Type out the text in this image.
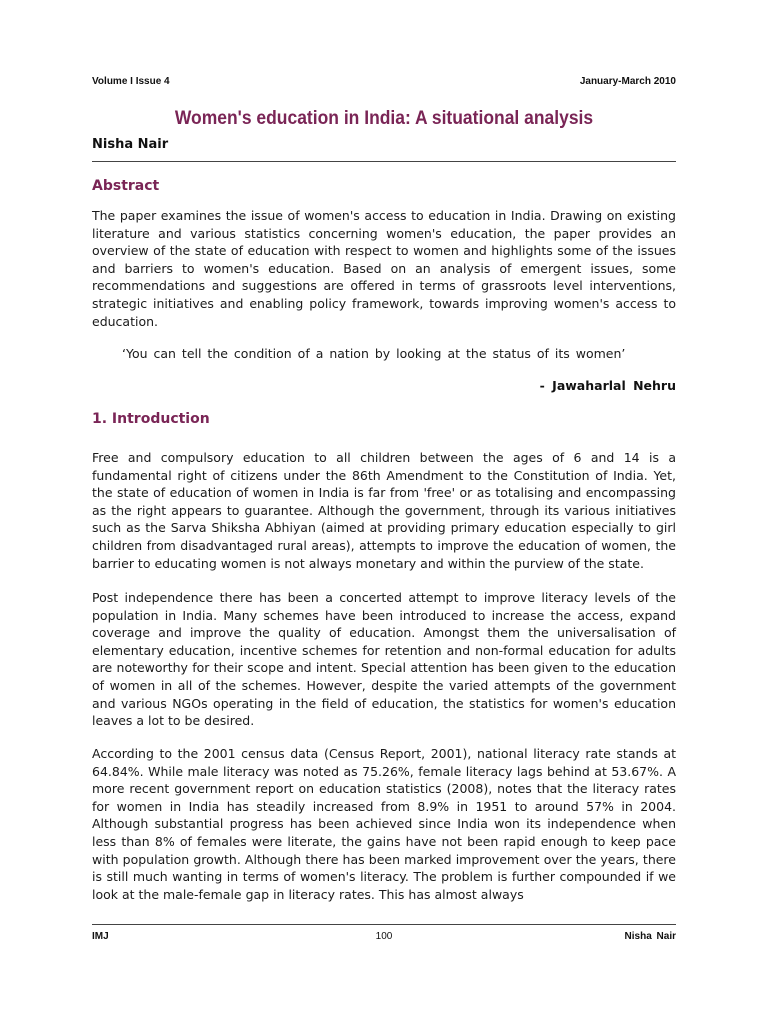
Volume I Issue 4	January-March 2010
Women's education in India: A situational analysis
Nisha Nair
Abstract

The paper examines the issue of women's access to education in India. Drawing on existing literature and various statistics concerning women's education, the paper provides an overview of the state of education with respect to women and highlights some of the issues and barriers to women's education. Based on an analysis of emergent issues, some recommendations and suggestions are offered in terms of grassroots level interventions, strategic initiatives and enabling policy framework, towards improving women's access to education.

‘You can tell the condition of a nation by looking at the status of its women’

- Jawaharlal Nehru

1. Introduction

Free and compulsory education to all children between the ages of 6 and 14 is a fundamental right of citizens under the 86th Amendment to the Constitution of India. Yet, the state of education of women in India is far from 'free' or as totalising and encompassing as the right appears to guarantee. Although the government, through its various initiatives such as the Sarva Shiksha Abhiyan (aimed at providing primary education especially to girl children from disadvantaged rural areas), attempts to improve the education of women, the barrier to educating women is not always monetary and within the purview of the state.

Post independence there has been a concerted attempt to improve literacy levels of the population in India. Many schemes have been introduced to increase the access, expand coverage and improve the quality of education. Amongst them the universalisation of elementary education, incentive schemes for retention and non-formal education for adults are noteworthy for their scope and intent. Special attention has been given to the education of women in all of the schemes. However, despite the varied attempts of the government and various NGOs operating in the field of education, the statistics for women's education leaves a lot to be desired.

According to the 2001 census data (Census Report, 2001), national literacy rate stands at 64.84%. While male literacy was noted as 75.26%, female literacy lags behind at 53.67%. A more recent government report on education statistics (2008), notes that the literacy rates for women in India has steadily increased from 8.9% in 1951 to around 57% in 2004. Although substantial progress has been achieved since India won its independence when less than 8% of females were literate, the gains have not been rapid enough to keep pace with population growth. Although there has been marked improvement over the years, there is still much wanting in terms of women's literacy. The problem is further compounded if we look at the male-female gap in literacy rates. This has almost always

IMJ	100	Nisha Nair
